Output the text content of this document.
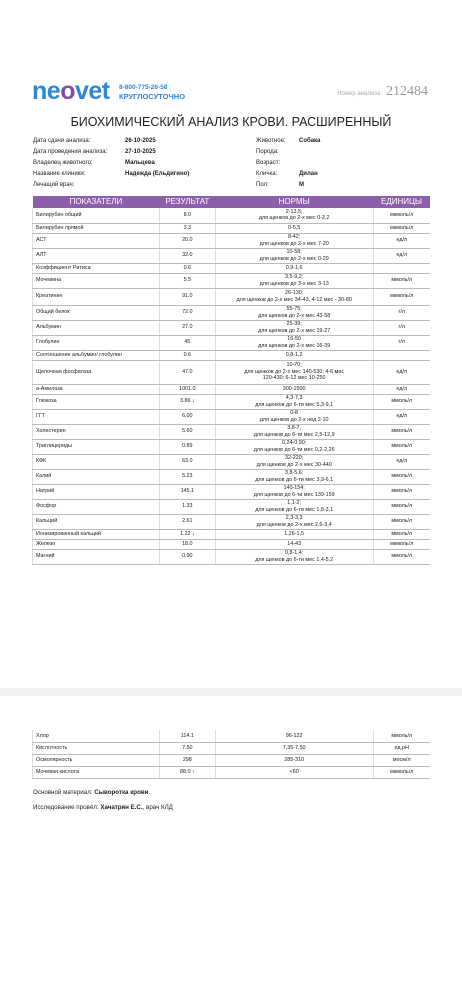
neovet 8-800-775-26-58
КРУГЛОСУТОЧНО	Номер анализа: 212484
БИОХИМИЧЕСКИЙ АНАЛИЗ КРОВИ. РАСШИРЕННЫЙ
Дата сдачи анализа:	26-10-2025
Дата проведения анализа:	27-10-2025
Владелец животного:	Мальцева
Название клиники:	Надежда (Ельдигино)
Лечащий врач:
Животное:	Собака
Порода:
Возраст:
Кличка:	Дилан
Пол:	М
ПОКАЗАТЕЛИ	РЕЗУЛЬТАТ	НОРМЫ	ЕДИНИЦЫ
Билирубин общий	8.0	2-13,5;
для щенков до 2-х мес 0-2,2	мкмоль/л
Билирубин прямой	3.3	0-5,5	мкмоль/л
АСТ	20.0	8-42;
для щенков до 2-х мес 7-20	ед/л
АЛТ	32.0	10-58;
для щенков до 2-х мес 0-29	ед/л
Коэффициент Ритиса	0.6	0,9-1,6	

Мочевина	5.5	3,5-9,2;
для щенков до 3-х мес 3-13	ммоль/л
Креатинин	91.0	26-130;
для щенков до 2-х мес 34-43, 4-12 мес - 30-80	мкмоль/л
Общий белок	72.0	55-75;
для щенков до 2-х мес 43-58	г/л
Альбумин	27.0	25-39;
для щенков до 2-х мес 19-27	г/л
Глобулин	45	16-50
для щенков до 2-х мес 16-39	г/л
Соотношение альбумин/ глобулин	0.6	0,8-1,2	

Щелочная фосфатаза	47.0	10-70;
для щенков до 2-х мес 140-530; 4-6 мес
120-430; 6-12 мес 10-250	ед/л
a-Амилаза	1001.0	300-1500	ед/л
Глюкоза	3.86 ↓	4,3-7,3
для щенков до 6-ти мес 5,3-9,1	ммоль/л
ГГТ	6.00	0-8
для щенков до 2-х нед 2-10	ед/л
Холестерин	5.60	3,8-7,
для щенков до 6-ти мес 2,5-12,9	ммоль/л
Триглицериды	0.89	0,24-0,90;
для щенков до 6-ти мес 0,2-2,26	ммоль/л
КФК	63.0	32-220;
для щенков до 2-х мес 30-440	ед/л
Калий	5.23	3,8-5,6;
для щенков до 6-ти мес 3,9-6,1	ммоль/л
Натрий	145.1	140-154;
для щенков до 6-ти мес 139-159	ммоль/л
Фосфор	1.33	1,1-2;
для щенков до 6-ти мес 1,8-3,1	ммоль/л
Кальций	2.61	2,3-3,3
для щенков до 2-х мес 2,6-3,4	ммоль/л
Ионизированный кальций	1.22 ↓	1,26-1,5	ммоль/л
Железо	18.0	14-43	мкмоль/л
Магний	0.90	0,8-1,4;
для щенков до 6-ти мес 1,4-5,2	ммоль/л
Основной материал: Сыворотка крови.
Исследование провёл: Хачатрян Е.С., врач КЛД
Хлор	114.1	96-122	ммоль/л
Кислотность	7.50	7,35-7,50	ед.pH
Осмолярность	298	285-310	мосм/л
Мочевая кислота	88.0 ↑	<60	мкмоль/л
